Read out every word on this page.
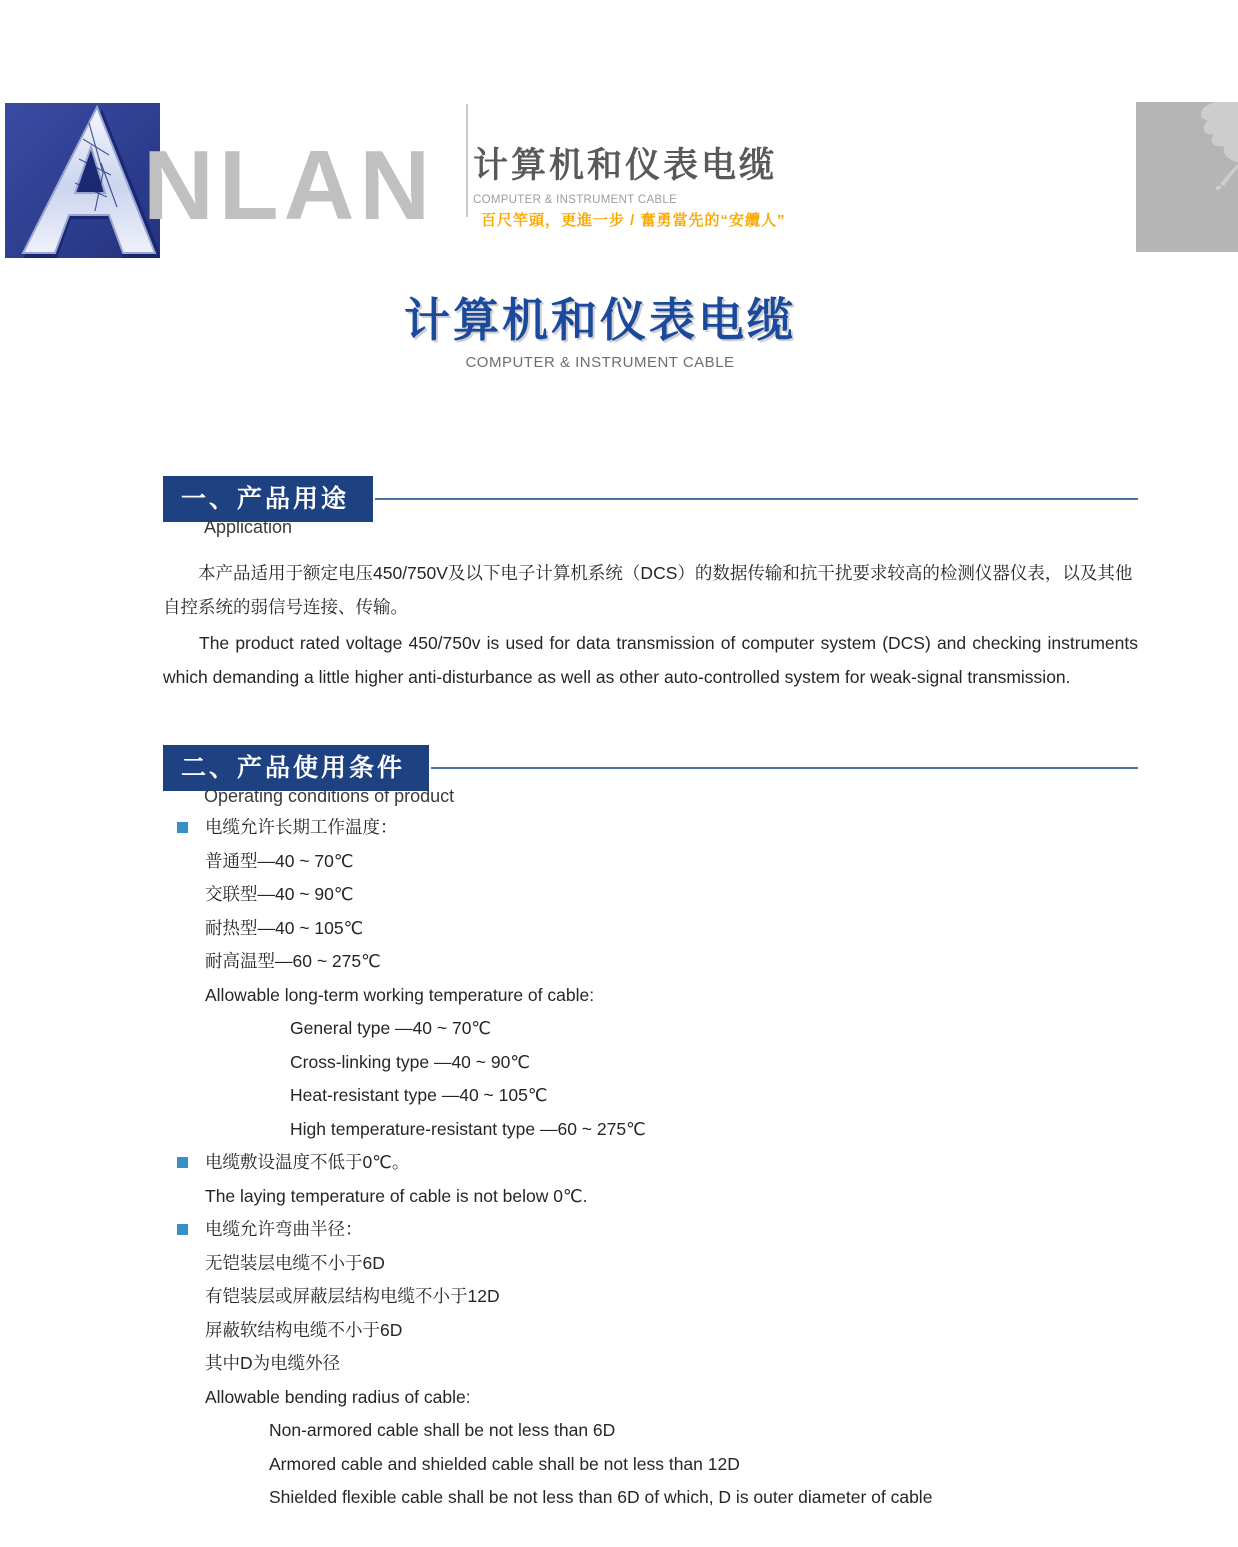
NLAN 计算机和仪表电缆
COMPUTER & INSTRUMENT CABLE
百尺竿頭，更進一步 / 奮勇當先的“安纜人”
计算机和仪表电缆
COMPUTER & INSTRUMENT CABLE
一、产品用途
Application

本产品适用于额定电压450/750V及以下电子计算机系统（DCS）的数据传输和抗干扰要求较高的检测仪器仪表，以及其他自控系统的弱信号连接、传输。

The product rated voltage 450/750v is used for data transmission of computer system (DCS) and checking instruments which demanding a little higher anti-disturbance as well as other auto-controlled system for weak-signal transmission.

二、产品使用条件
Operating conditions of product
电缆允许长期工作温度：
普通型—40 ~ 70℃
交联型—40 ~ 90℃
耐热型—40 ~ 105℃
耐高温型—60 ~ 275℃
Allowable long-term working temperature of cable:
General type —40 ~ 70℃
Cross-linking type —40 ~ 90℃
Heat-resistant type —40 ~ 105℃
High temperature-resistant type —60 ~ 275℃
电缆敷设温度不低于0℃。
The laying temperature of cable is not below 0℃.
电缆允许弯曲半径：
无铠装层电缆不小于6D
有铠装层或屏蔽层结构电缆不小于12D
屏蔽软结构电缆不小于6D
其中D为电缆外径
Allowable bending radius of cable:
Non-armored cable shall be not less than 6D
Armored cable and shielded cable shall be not less than 12D
Shielded flexible cable shall be not less than 6D of which, D is outer diameter of cable
